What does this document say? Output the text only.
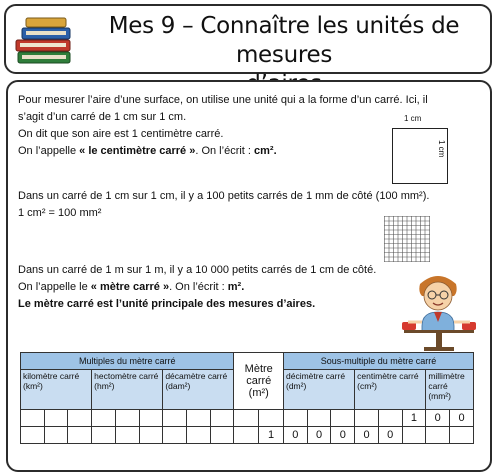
Mes 9 – Connaître les unités de mesures
Pour mesurer l’aire d’une surface, on utilise une unité qui a la forme d’un carré. Ici, il
s’agit d’un carré de 1 cm sur 1 cm.
On dit que son aire est 1 centimètre carré.
On l’appelle « le centimètre carré ». On l’écrit : cm².
1 cm
1 cm
Dans un carré de 1 cm sur 1 cm, il y a 100 petits carrés de 1 mm de côté (100 mm²).
1 cm² = 100 mm²
Dans un carré de 1 m sur 1 m, il y a 10 000 petits carrés de 1 cm de côté.
On l’appelle le « mètre carré ». On l’écrit : m².
Le mètre carré est l’unité principale des mesures d’aires.
Multiples du mètre carré									Mètre carré (m²)		Sous-multiple du mètre carré							
kilomètre carré (km²)			hectomètre carré (hm²)			décamètre carré (dam²)					décimètre carré (dm²)			centimètre carré (cm²)			millimètre carré (mm²)	
																1	0	0
										1	0	0	0	0	0			
